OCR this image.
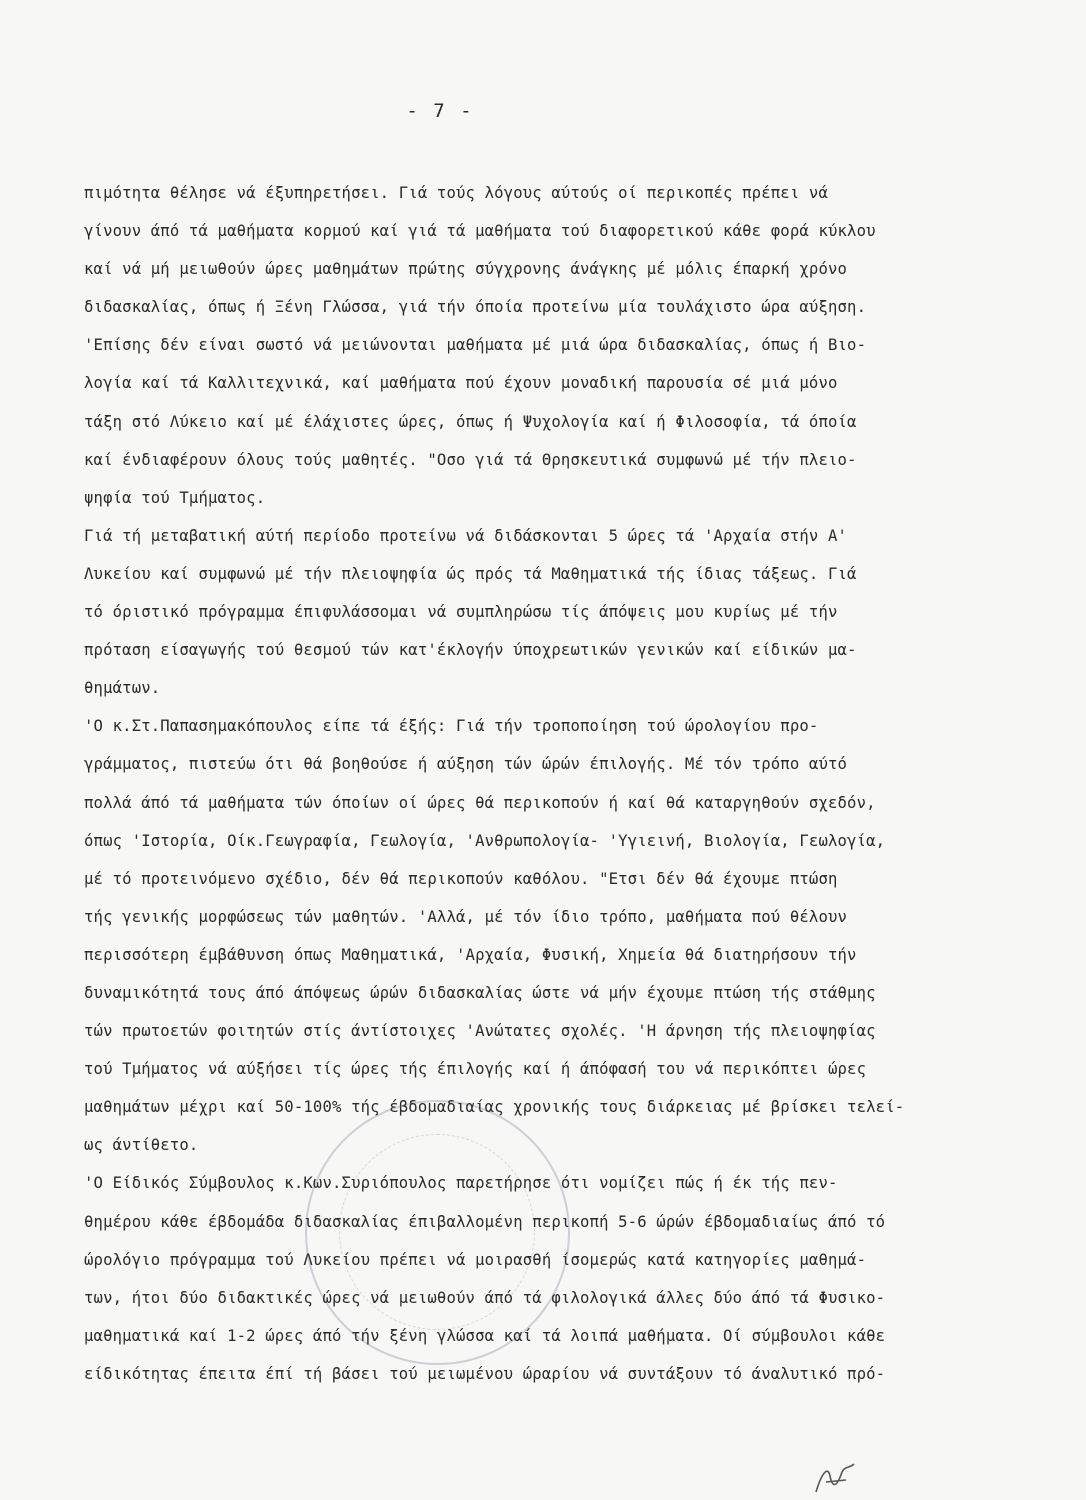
- 7 -
πιμότητα θέλησε νά έξυπηρετήσει. Γιά τούς λόγους αύτούς οί περικοπές πρέπει νά
γίνουν άπό τά μαθήματα κορμού καί γιά τά μαθήματα τού διαφορετικού κάθε φορά κύκλου
καί νά μή μειωθούν ώρες μαθημάτων πρώτης σύγχρονης άνάγκης μέ μόλις έπαρκή χρόνο
διδασκαλίας, όπως ή Ξένη Γλώσσα, γιά τήν όποία προτείνω μία τουλάχιστο ώρα αύξηση.
'Επίσης δέν είναι σωστό νά μειώνονται μαθήματα μέ μιά ώρα διδασκαλίας, όπως ή Βιο-
λογία καί τά Καλλιτεχνικά, καί μαθήματα πού έχουν μοναδική παρουσία σέ μιά μόνο
τάξη στό Λύκειο καί μέ έλάχιστες ώρες, όπως ή Ψυχολογία καί ή Φιλοσοφία, τά όποία
καί ένδιαφέρουν όλους τούς μαθητές. "Οσο γιά τά Θρησκευτικά συμφωνώ μέ τήν πλειο-
ψηφία τού Τμήματος.
Γιά τή μεταβατική αύτή περίοδο προτείνω νά διδάσκονται 5 ώρες τά 'Αρχαία στήν Α'
Λυκείου καί συμφωνώ μέ τήν πλειοψηφία ώς πρός τά Μαθηματικά τής ίδιας τάξεως. Γιά
τό όριστικό πρόγραμμα έπιφυλάσσομαι νά συμπληρώσω τίς άπόψεις μου κυρίως μέ τήν
πρόταση είσαγωγής τού θεσμού τών κατ'έκλογήν ύποχρεωτικών γενικών καί είδικών μα-
θημάτων.
'Ο κ.Στ.Παπασημακόπουλος είπε τά έξής: Γιά τήν τροποποίηση τού ώρολογίου προ-
γράμματος, πιστεύω ότι θά βοηθούσε ή αύξηση τών ώρών έπιλογής. Μέ τόν τρόπο αύτό
πολλά άπό τά μαθήματα τών όποίων οί ώρες θά περικοπούν ή καί θά καταργηθούν σχεδόν,
όπως 'Ιστορία, Οίκ.Γεωγραφία, Γεωλογία, 'Ανθρωπολογία- 'Υγιεινή, Βιολογία, Γεωλογία,
μέ τό προτεινόμενο σχέδιο, δέν θά περικοπούν καθόλου. "Ετσι δέν θά έχουμε πτώση
τής γενικής μορφώσεως τών μαθητών. 'Αλλά, μέ τόν ίδιο τρόπο, μαθήματα πού θέλουν
περισσότερη έμβάθυνση όπως Μαθηματικά, 'Αρχαία, Φυσική, Χημεία θά διατηρήσουν τήν
δυναμικότητά τους άπό άπόψεως ώρών διδασκαλίας ώστε νά μήν έχουμε πτώση τής στάθμης
τών πρωτοετών φοιτητών στίς άντίστοιχες 'Ανώτατες σχολές. 'Η άρνηση τής πλειοψηφίας
τού Τμήματος νά αύξήσει τίς ώρες τής έπιλογής καί ή άπόφασή του νά περικόπτει ώρες
μαθημάτων μέχρι καί 50-100% τής έβδομαδιαίας χρονικής τους διάρκειας μέ βρίσκει τελεί-
ως άντίθετο.
'Ο Είδικός Σύμβουλος κ.Κων.Συριόπουλος παρετήρησε ότι νομίζει πώς ή έκ τής πεν-
θημέρου κάθε έβδομάδα διδασκαλίας έπιβαλλομένη περικοπή 5-6 ώρών έβδομαδιαίως άπό τό
ώρολόγιο πρόγραμμα τού Λυκείου πρέπει νά μοιρασθή ίσομερώς κατά κατηγορίες μαθημά-
των, ήτοι δύο διδακτικές ώρες νά μειωθούν άπό τά φιλολογικά άλλες δύο άπό τά Φυσικο-
μαθηματικά καί 1-2 ώρες άπό τήν ξένη γλώσσα καί τά λοιπά μαθήματα. Οί σύμβουλοι κάθε
είδικότητας έπειτα έπί τή βάσει τού μειωμένου ώραρίου νά συντάξουν τό άναλυτικό πρό-
